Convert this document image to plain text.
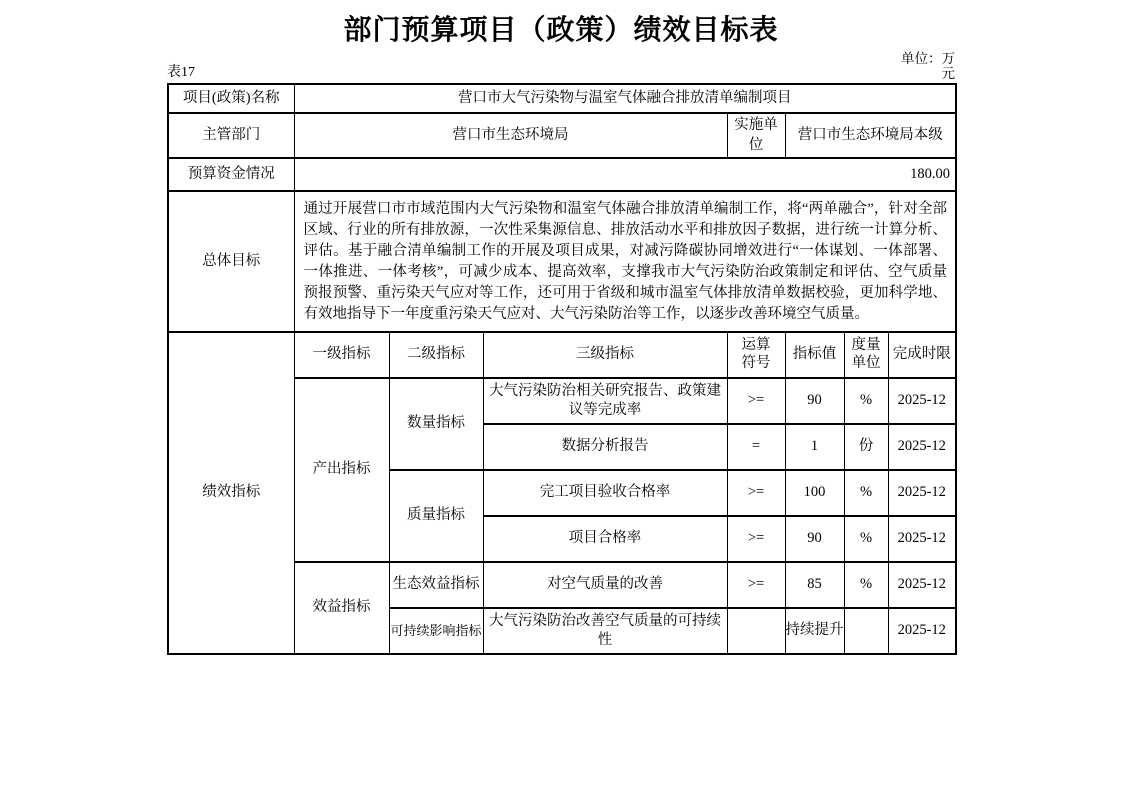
部门预算项目（政策）绩效目标表
表17
单位：万元
项目(政策)名称	营口市大气污染物与温室气体融合排放清单编制项目						
主管部门	营口市生态环境局			实施单位	营口市生态环境局本级		
预算资金情况	180.00						
总体目标	通过开展营口市市域范围内大气污染物和温室气体融合排放清单编制工作，将“两单融合”，针对全部区域、行业的所有排放源，一次性采集源信息、排放活动水平和排放因子数据，进行统一计算分析、评估。基于融合清单编制工作的开展及项目成果，对减污降碳协同增效进行“一体谋划、一体部署、一体推进、一体考核”，可减少成本、提高效率，支撑我市大气污染防治政策制定和评估、空气质量预报预警、重污染天气应对等工作，还可用于省级和城市温室气体排放清单数据校验，更加科学地、有效地指导下一年度重污染天气应对、大气污染防治等工作，以逐步改善环境空气质量。						
绩效指标	一级指标	二级指标	三级指标	运算符号	指标值	度量单位	完成时限
	产出指标	数量指标	大气污染防治相关研究报告、政策建议等完成率	>=	90	%	2025-12
			数据分析报告	=	1	份	2025-12
		质量指标	完工项目验收合格率	>=	100	%	2025-12
			项目合格率	>=	90	%	2025-12
	效益指标	生态效益指标	对空气质量的改善	>=	85	%	2025-12
		可持续影响指标	大气污染防治改善空气质量的可持续性		持续提升		2025-12
